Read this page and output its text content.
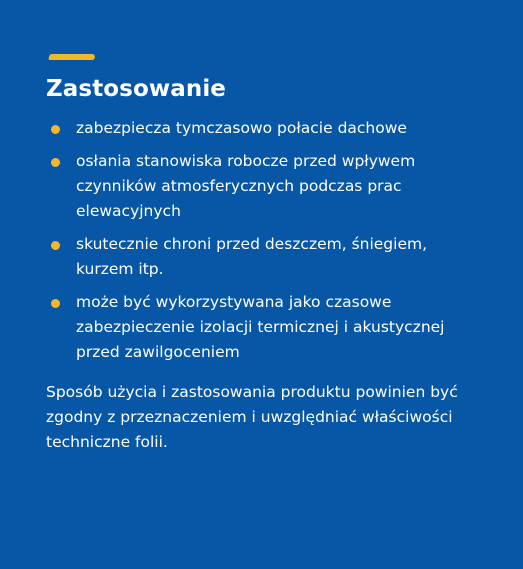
Zastosowanie
zabezpiecza tymczasowo połacie dachowe
osłania stanowiska robocze przed wpływem czynników atmosferycznych podczas prac elewacyjnych
skutecznie chroni przed deszczem, śniegiem, kurzem itp.
może być wykorzystywana jako czasowe zabezpieczenie izolacji termicznej i akustycznej przed zawilgoceniem

Sposób użycia i zastosowania produktu powinien być zgodny z przeznaczeniem i uwzględniać właściwości techniczne folii.
